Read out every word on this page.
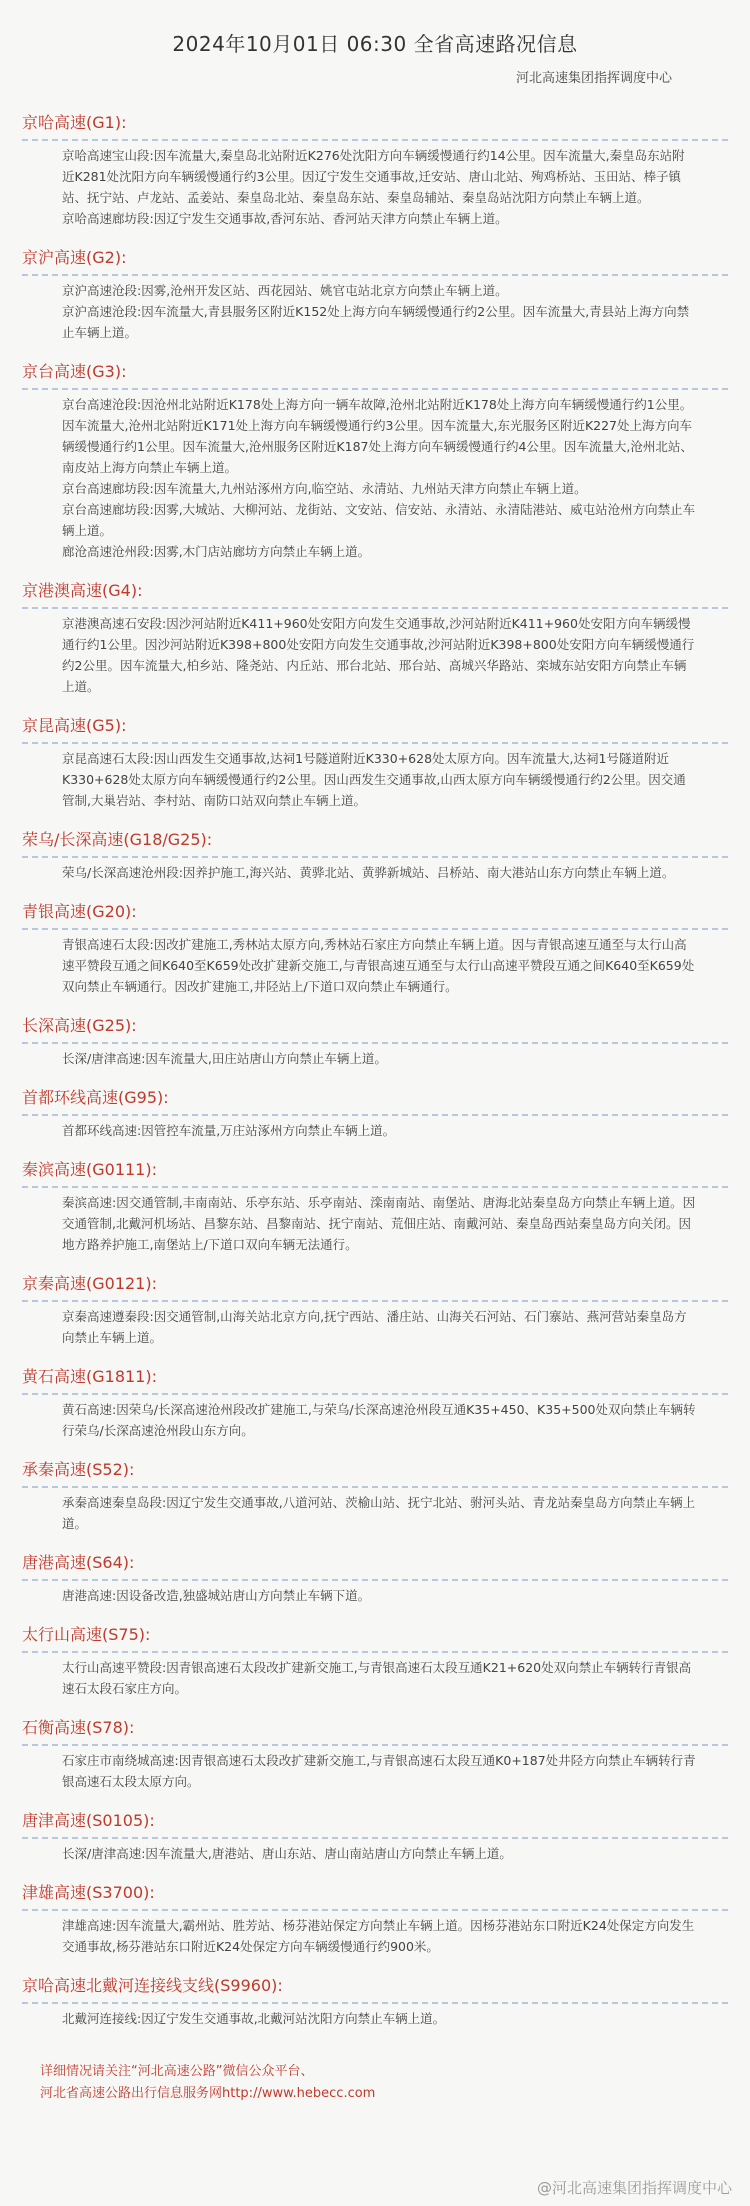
2024年10月01日 06:30 全省高速路况信息
河北高速集团指挥调度中心
京哈高速(G1):
京哈高速宝山段:因车流量大,秦皇岛北站附近K276处沈阳方向车辆缓慢通行约14公里。因车流量大,秦皇岛东站附近K281处沈阳方向车辆缓慢通行约3公里。因辽宁发生交通事故,迁安站、唐山北站、殉鸡桥站、玉田站、棒子镇站、抚宁站、卢龙站、孟姜站、秦皇岛北站、秦皇岛东站、秦皇岛辅站、秦皇岛站沈阳方向禁止车辆上道。
京哈高速廊坊段:因辽宁发生交通事故,香河东站、香河站天津方向禁止车辆上道。
京沪高速(G2):
京沪高速沧段:因雾,沧州开发区站、西花园站、姚官屯站北京方向禁止车辆上道。
京沪高速沧段:因车流量大,青县服务区附近K152处上海方向车辆缓慢通行约2公里。因车流量大,青县站上海方向禁止车辆上道。
京台高速(G3):
京台高速沧段:因沧州北站附近K178处上海方向一辆车故障,沧州北站附近K178处上海方向车辆缓慢通行约1公里。因车流量大,沧州北站附近K171处上海方向车辆缓慢通行约3公里。因车流量大,东光服务区附近K227处上海方向车辆缓慢通行约1公里。因车流量大,沧州服务区附近K187处上海方向车辆缓慢通行约4公里。因车流量大,沧州北站、南皮站上海方向禁止车辆上道。
京台高速廊坊段:因车流量大,九州站涿州方向,临空站、永清站、九州站天津方向禁止车辆上道。
京台高速廊坊段:因雾,大城站、大柳河站、龙街站、文安站、信安站、永清站、永清陆港站、威屯站沧州方向禁止车辆上道。
廊沧高速沧州段:因雾,木门店站廊坊方向禁止车辆上道。
京港澳高速(G4):
京港澳高速石安段:因沙河站附近K411+960处安阳方向发生交通事故,沙河站附近K411+960处安阳方向车辆缓慢通行约1公里。因沙河站附近K398+800处安阳方向发生交通事故,沙河站附近K398+800处安阳方向车辆缓慢通行约2公里。因车流量大,柏乡站、隆尧站、内丘站、邢台北站、邢台站、高城兴华路站、栾城东站安阳方向禁止车辆上道。
京昆高速(G5):
京昆高速石太段:因山西发生交通事故,达祠1号隧道附近K330+628处太原方向。因车流量大,达祠1号隧道附近K330+628处太原方向车辆缓慢通行约2公里。因山西发生交通事故,山西太原方向车辆缓慢通行约2公里。因交通管制,大巢岩站、李村站、南防口站双向禁止车辆上道。
荣乌/长深高速(G18/G25):
荣乌/长深高速沧州段:因养护施工,海兴站、黄骅北站、黄骅新城站、吕桥站、南大港站山东方向禁止车辆上道。
青银高速(G20):
青银高速石太段:因改扩建施工,秀林站太原方向,秀林站石家庄方向禁止车辆上道。因与青银高速互通至与太行山高速平赞段互通之间K640至K659处改扩建新交施工,与青银高速互通至与太行山高速平赞段互通之间K640至K659处双向禁止车辆通行。因改扩建施工,井陉站上/下道口双向禁止车辆通行。
长深高速(G25):
长深/唐津高速:因车流量大,田庄站唐山方向禁止车辆上道。
首都环线高速(G95):
首都环线高速:因管控车流量,万庄站涿州方向禁止车辆上道。
秦滨高速(G0111):
秦滨高速:因交通管制,丰南南站、乐亭东站、乐亭南站、滦南南站、南堡站、唐海北站秦皇岛方向禁止车辆上道。因交通管制,北戴河机场站、昌黎东站、昌黎南站、抚宁南站、荒佃庄站、南戴河站、秦皇岛西站秦皇岛方向关闭。因地方路养护施工,南堡站上/下道口双向车辆无法通行。
京秦高速(G0121):
京秦高速遵秦段:因交通管制,山海关站北京方向,抚宁西站、潘庄站、山海关石河站、石门寨站、燕河营站秦皇岛方向禁止车辆上道。
黄石高速(G1811):
黄石高速:因荣乌/长深高速沧州段改扩建施工,与荣乌/长深高速沧州段互通K35+450、K35+500处双向禁止车辆转行荣乌/长深高速沧州段山东方向。
承秦高速(S52):
承秦高速秦皇岛段:因辽宁发生交通事故,八道河站、茨榆山站、抚宁北站、驸河头站、青龙站秦皇岛方向禁止车辆上道。
唐港高速(S64):
唐港高速:因设备改造,独盛城站唐山方向禁止车辆下道。
太行山高速(S75):
太行山高速平赞段:因青银高速石太段改扩建新交施工,与青银高速石太段互通K21+620处双向禁止车辆转行青银高速石太段石家庄方向。
石衡高速(S78):
石家庄市南绕城高速:因青银高速石太段改扩建新交施工,与青银高速石太段互通K0+187处井陉方向禁止车辆转行青银高速石太段太原方向。
唐津高速(S0105):
长深/唐津高速:因车流量大,唐港站、唐山东站、唐山南站唐山方向禁止车辆上道。
津雄高速(S3700):
津雄高速:因车流量大,霸州站、胜芳站、杨芬港站保定方向禁止车辆上道。因杨芬港站东口附近K24处保定方向发生交通事故,杨芬港站东口附近K24处保定方向车辆缓慢通行约900米。
京哈高速北戴河连接线支线(S9960):
北戴河连接线:因辽宁发生交通事故,北戴河站沈阳方向禁止车辆上道。
详细情况请关注“河北高速公路”微信公众平台、
河北省高速公路出行信息服务网http://www.hebecc.com
@河北高速集团指挥调度中心
